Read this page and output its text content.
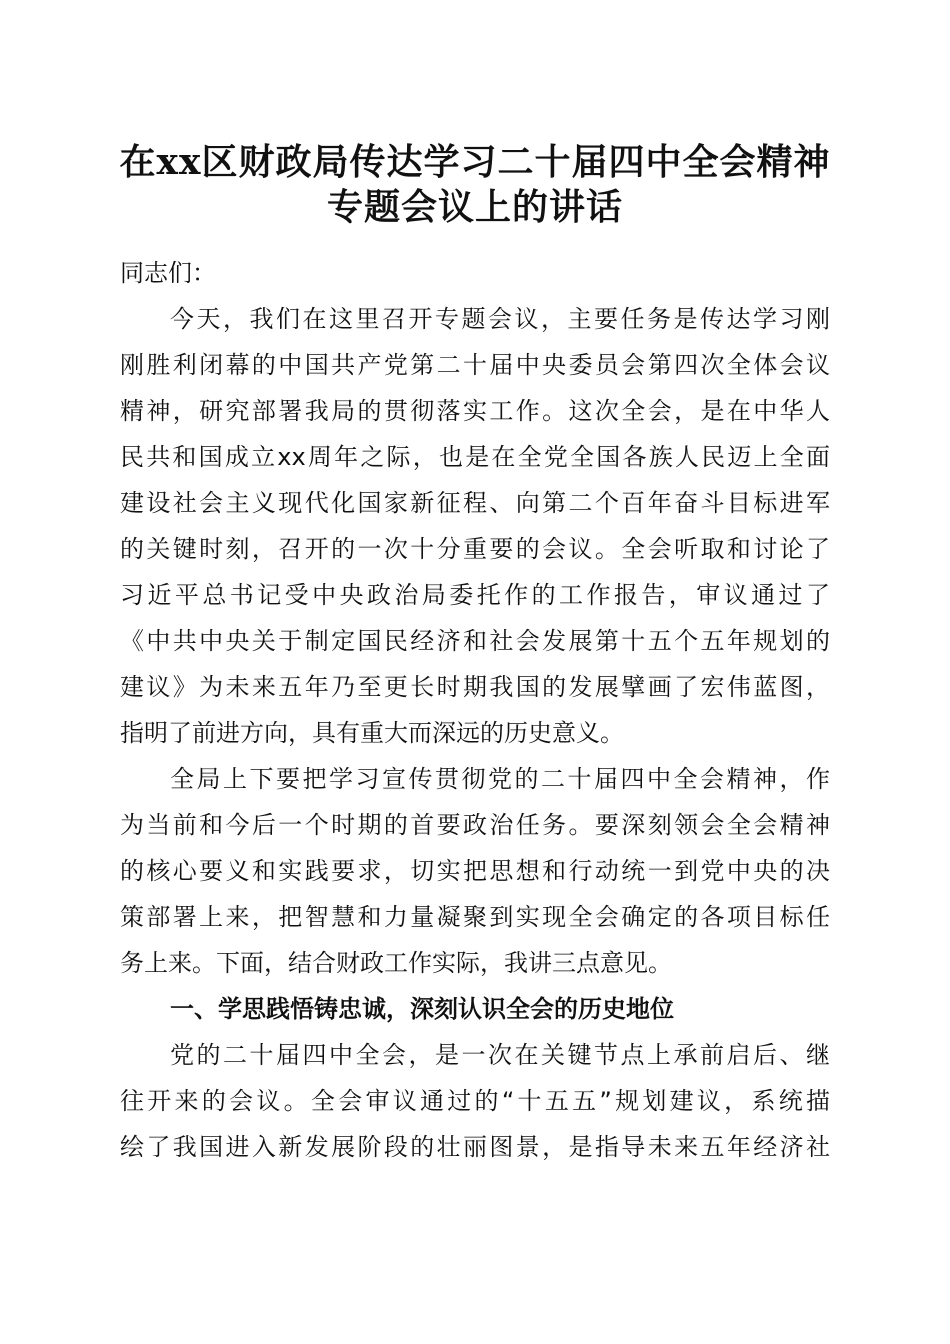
在xx区财政局传达学习二十届四中全会精神
专题会议上的讲话
同志们：
今天，我们在这里召开专题会议，主要任务是传达学习刚
刚胜利闭幕的中国共产党第二十届中央委员会第四次全体会议
精神，研究部署我局的贯彻落实工作。这次全会，是在中华人
民共和国成立xx周年之际，也是在全党全国各族人民迈上全面
建设社会主义现代化国家新征程、向第二个百年奋斗目标进军
的关键时刻，召开的一次十分重要的会议。全会听取和讨论了
习近平总书记受中央政治局委托作的工作报告，审议通过了
《中共中央关于制定国民经济和社会发展第十五个五年规划的
建议》为未来五年乃至更长时期我国的发展擘画了宏伟蓝图，
指明了前进方向，具有重大而深远的历史意义。
全局上下要把学习宣传贯彻党的二十届四中全会精神，作
为当前和今后一个时期的首要政治任务。要深刻领会全会精神
的核心要义和实践要求，切实把思想和行动统一到党中央的决
策部署上来，把智慧和力量凝聚到实现全会确定的各项目标任
务上来。下面，结合财政工作实际，我讲三点意见。
一、学思践悟铸忠诚，深刻认识全会的历史地位
党的二十届四中全会，是一次在关键节点上承前启后、继
往开来的会议。全会审议通过的“十五五”规划建议，系统描
绘了我国进入新发展阶段的壮丽图景，是指导未来五年经济社
